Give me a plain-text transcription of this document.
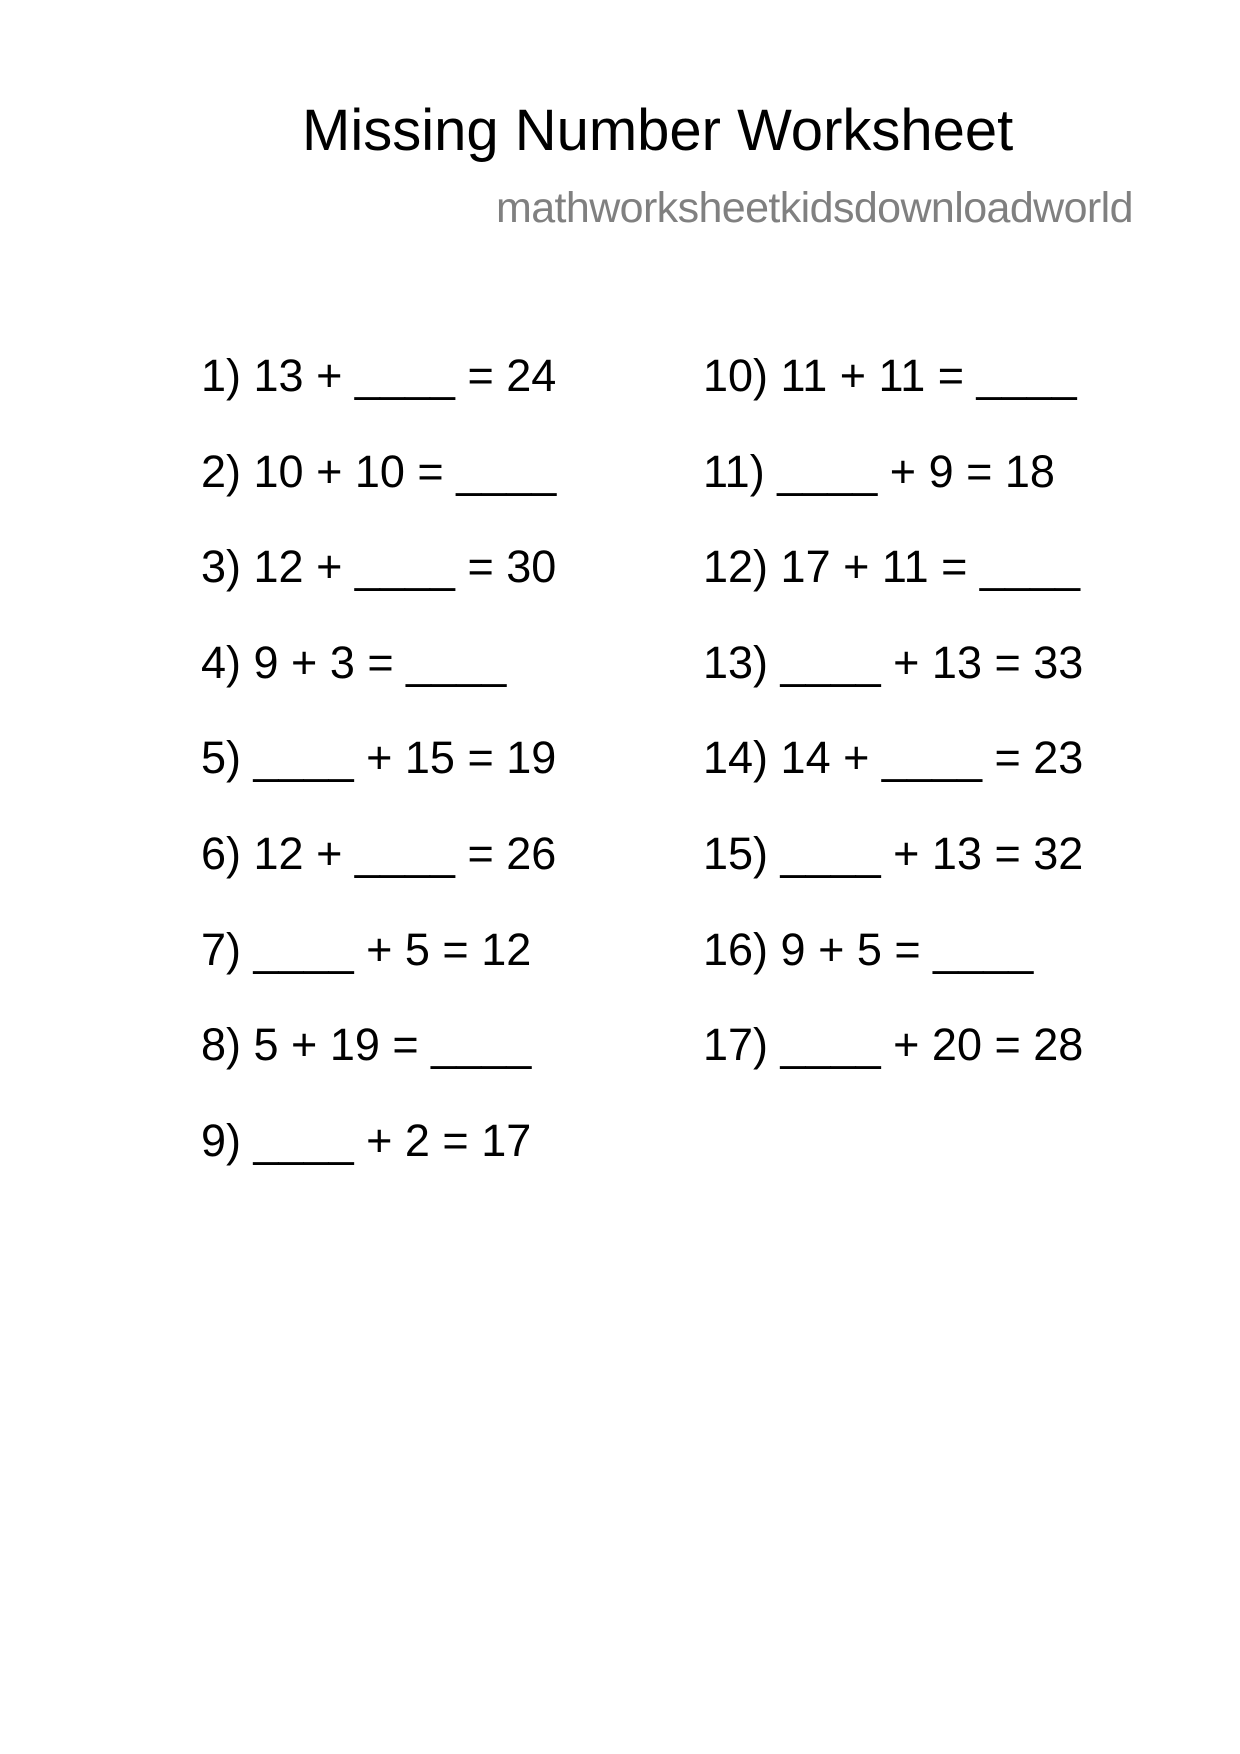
Missing Number Worksheet
mathworksheetkidsdownloadworld
1) 13 + ____ = 24
2) 10 + 10 = ____
3) 12 + ____ = 30
4) 9 + 3 = ____
5) ____ + 15 = 19
6) 12 + ____ = 26
7) ____ + 5 = 12
8) 5 + 19 = ____
9) ____ + 2 = 17
10) 11 + 11 = ____
11) ____ + 9 = 18
12) 17 + 11 = ____
13) ____ + 13 = 33
14) 14 + ____ = 23
15) ____ + 13 = 32
16) 9 + 5 = ____
17) ____ + 20 = 28
